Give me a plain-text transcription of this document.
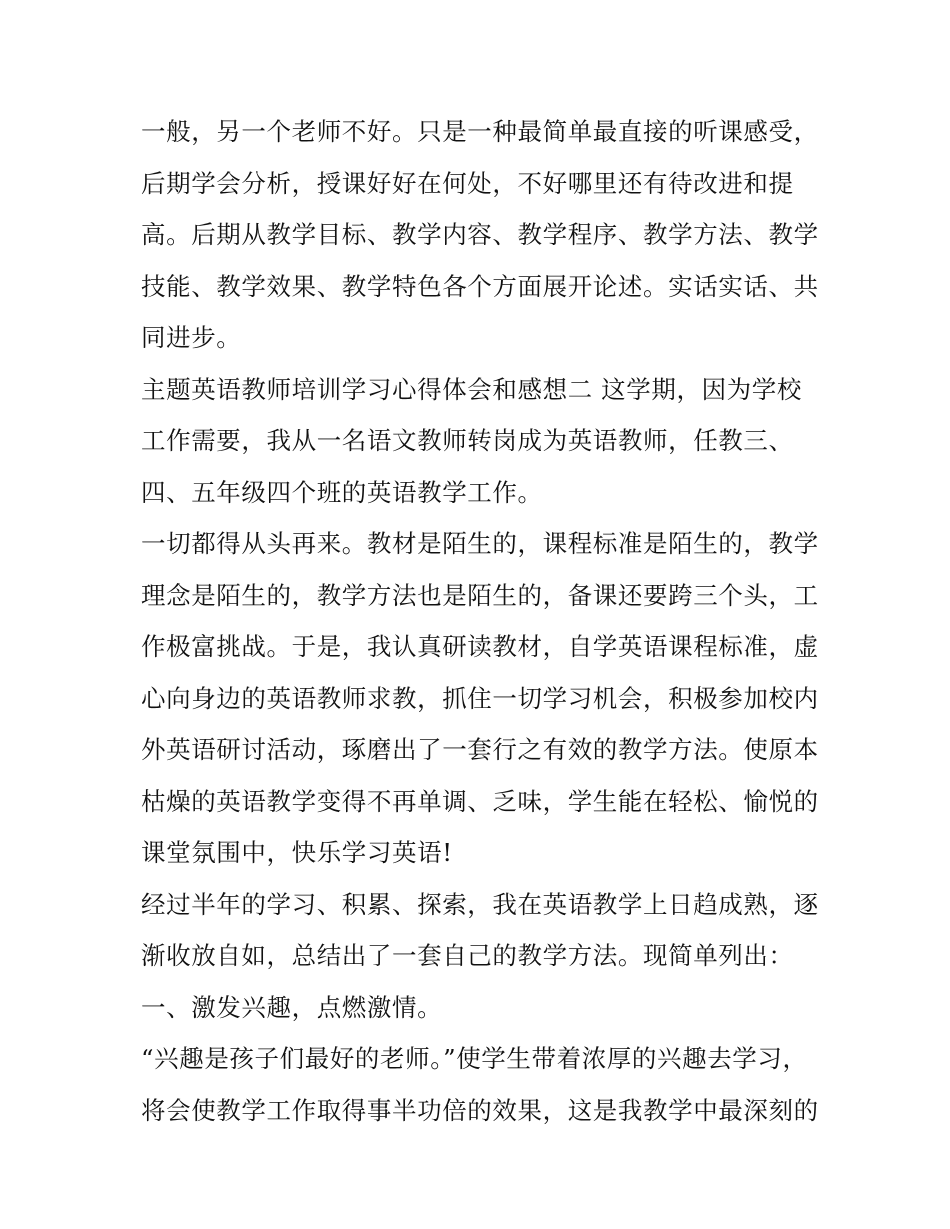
一般，另一个老师不好。只是一种最简单最直接的听课感受，
后期学会分析，授课好好在何处，不好哪里还有待改进和提
高。后期从教学目标、教学内容、教学程序、教学方法、教学
技能、教学效果、教学特色各个方面展开论述。实话实话、共
同进步。
主题英语教师培训学习心得体会和感想二 这学期，因为学校
工作需要，我从一名语文教师转岗成为英语教师，任教三、
四、五年级四个班的英语教学工作。
一切都得从头再来。教材是陌生的，课程标准是陌生的，教学
理念是陌生的，教学方法也是陌生的，备课还要跨三个头，工
作极富挑战。于是，我认真研读教材，自学英语课程标准，虚
心向身边的英语教师求教，抓住一切学习机会，积极参加校内
外英语研讨活动，琢磨出了一套行之有效的教学方法。使原本
枯燥的英语教学变得不再单调、乏味，学生能在轻松、愉悦的
课堂氛围中，快乐学习英语!
经过半年的学习、积累、探索，我在英语教学上日趋成熟，逐
渐收放自如，总结出了一套自己的教学方法。现简单列出：
一、激发兴趣，点燃激情。
“兴趣是孩子们最好的老师。”使学生带着浓厚的兴趣去学习，
将会使教学工作取得事半功倍的效果，这是我教学中最深刻的
